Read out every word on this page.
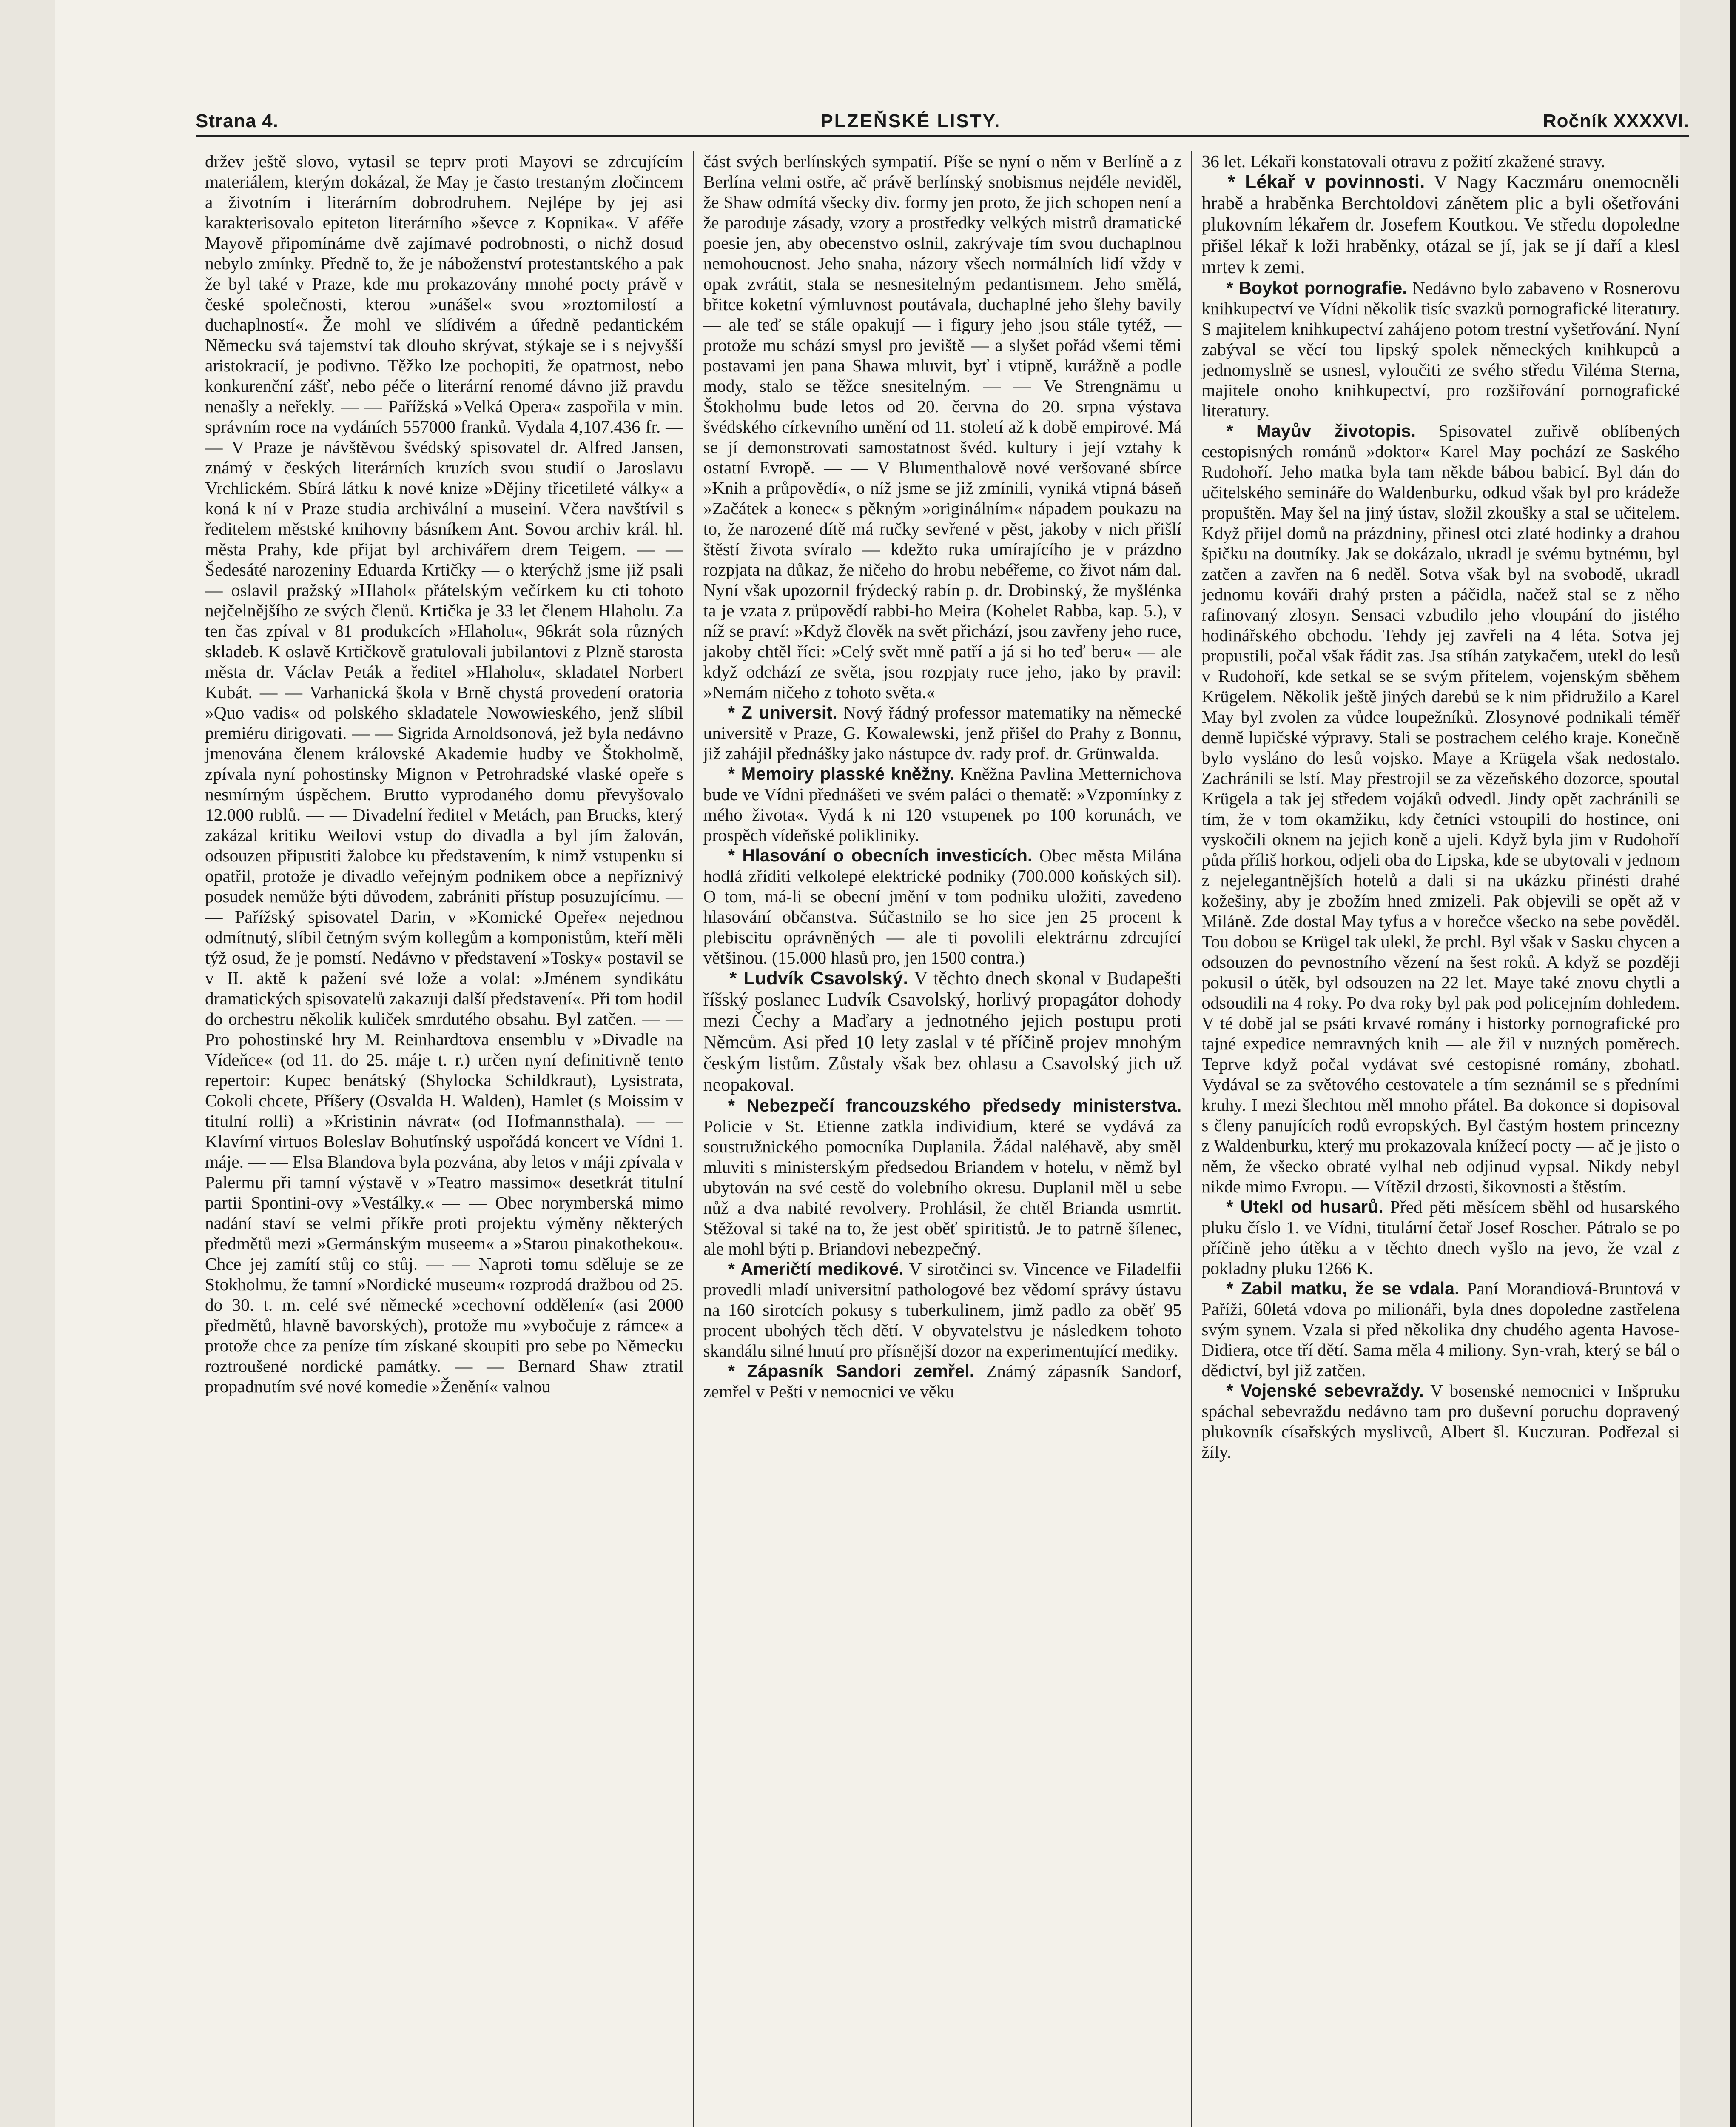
Strana 4.	PLZEŇSKÉ LISTY.	Ročník XXXXVI.

držev ještě slovo, vytasil se teprv proti Mayovi se zdrcujícím materiálem, kterým dokázal, že May je často trestaným zločincem a životním i literárním dobrodruhem. Nejlépe by jej asi karakterisovalo epiteton literárního »ševce z Kopnika«. V aféře Mayově připomínáme dvě zajímavé podrobnosti, o nichž dosud nebylo zmínky. Předně to, že je náboženství protestantského a pak že byl také v Praze, kde mu prokazovány mnohé pocty právě v české společnosti, kterou »unášel« svou »roztomilostí a duchaplností«. Že mohl ve slídivém a úředně pedantickém Německu svá tajemství tak dlouho skrývat, stýkaje se i s nejvyšší aristokracií, je podivno. Těžko lze pochopiti, že opatrnost, nebo konkurenční zášť, nebo péče o literární renomé dávno již pravdu nenašly a neřekly. — — Pařížská »Velká Opera« zaspořila v min. správním roce na vydáních 557000 franků. Vydala 4,107.436 fr. — — V Praze je návštěvou švédský spisovatel dr. Alfred Jansen, známý v českých literárních kruzích svou studií o Jaroslavu Vrchlickém. Sbírá látku k nové knize »Dějiny třicetileté války« a koná k ní v Praze studia archivální a museiní. Včera navštívil s ředitelem městské knihovny básníkem Ant. Sovou archiv král. hl. města Prahy, kde přijat byl archivářem drem Teigem. — — Šedesáté narozeniny Eduarda Krtičky — o kterýchž jsme již psali — oslavil pražský »Hlahol« přátelským večírkem ku cti tohoto nejčelnějšího ze svých členů. Krtička je 33 let členem Hlaholu. Za ten čas zpíval v 81 produkcích »Hlaholu«, 96krát sola různých skladeb. K oslavě Krtičkově gratulovali jubilantovi z Plzně starosta města dr. Václav Peták a ředitel »Hlaholu«, skladatel Norbert Kubát. — — Varhanická škola v Brně chystá provedení oratoria »Quo vadis« od polského skladatele Nowowieského, jenž slíbil premiéru dirigovati. — — Sigrida Arnoldsonová, jež byla nedávno jmenována členem královské Akademie hudby ve Štokholmě, zpívala nyní pohostinsky Mignon v Petrohradské vlaské opeře s nesmírným úspěchem. Brutto vyprodaného domu převyšovalo 12.000 rublů. — — Divadelní ředitel v Metách, pan Brucks, který zakázal kritiku Weilovi vstup do divadla a byl jím žalován, odsouzen připustiti žalobce ku představením, k nimž vstupenku si opatřil, protože je divadlo veřejným podnikem obce a nepříznivý posudek nemůže býti důvodem, zabrániti přístup posuzujícímu. — — Pařížský spisovatel Darin, v »Komické Opeře« nejednou odmítnutý, slíbil četným svým kollegům a komponistům, kteří měli týž osud, že je pomstí. Nedávno v představení »Tosky« postavil se v II. aktě k pažení své lože a volal: »Jménem syndikátu dramatických spisovatelů zakazuji další představení«. Při tom hodil do orchestru několik kuliček smrdutého obsahu. Byl zatčen. — — Pro pohostinské hry M. Reinhardtova ensemblu v »Divadle na Vídeňce« (od 11. do 25. máje t. r.) určen nyní definitivně tento repertoir: Kupec benátský (Shylocka Schildkraut), Lysistrata, Cokoli chcete, Příšery (Osvalda H. Walden), Hamlet (s Moissim v titulní rolli) a »Kristinin návrat« (od Hofmannsthala). — — Klavírní virtuos Boleslav Bohutínský uspořádá koncert ve Vídni 1. máje. — — Elsa Blandova byla pozvána, aby letos v máji zpívala v Palermu při tamní výstavě v »Teatro massimo« desetkrát titulní partii Spontini-ovy »Vestálky.« — — Obec norymberská mimo nadání staví se velmi příkře proti projektu výměny některých předmětů mezi »Germánským museem« a »Starou pinakothekou«. Chce jej zamítí stůj co stůj. — — Naproti tomu sděluje se ze Stokholmu, že tamní »Nordické museum« rozprodá dražbou od 25. do 30. t. m. celé své německé »cechovní oddělení« (asi 2000 předmětů, hlavně bavorských), protože mu »vybočuje z rámce« a protože chce za peníze tím získané skoupiti pro sebe po Německu roztroušené nordické památky. — — Bernard Shaw ztratil propadnutím své nové komedie »Ženění« valnou

část svých berlínských sympatií. Píše se nyní o něm v Berlíně a z Berlína velmi ostře, ač právě berlínský snobismus nejdéle neviděl, že Shaw odmítá všecky div. formy jen proto, že jich schopen není a že paroduje zásady, vzory a prostředky velkých mistrů dramatické poesie jen, aby obecenstvo oslnil, zakrývaje tím svou duchaplnou nemohoucnost. Jeho snaha, názory všech normálních lidí vždy v opak zvrátit, stala se nesnesitelným pedantismem. Jeho smělá, břitce koketní výmluvnost poutávala, duchaplné jeho šlehy bavily — ale teď se stále opakují — i figury jeho jsou stále tytéž, — protože mu schází smysl pro jeviště — a slyšet pořád všemi těmi postavami jen pana Shawa mluvit, byť i vtipně, kurážně a podle mody, stalo se těžce snesitelným. — — Ve Strengnämu u Štokholmu bude letos od 20. června do 20. srpna výstava švédského církevního umění od 11. století až k době empirové. Má se jí demonstrovati samostatnost švéd. kultury i její vztahy k ostatní Evropě. — — V Blumenthalově nové veršované sbírce »Knih a průpovědí«, o níž jsme se již zmínili, vyniká vtipná báseň »Začátek a konec« s pěkným »originálním« nápadem poukazu na to, že narozené dítě má ručky sevřené v pěst, jakoby v nich přišlí štěstí života svíralo — kdežto ruka umírajícího je v prázdno rozpjata na důkaz, že ničeho do hrobu nebéřeme, co život nám dal. Nyní však upozornil frýdecký rabín p. dr. Drobinský, že myšlénka ta je vzata z průpovědí rabbi-ho Meira (Kohelet Rabba, kap. 5.), v níž se praví: »Když člověk na svět přichází, jsou zavřeny jeho ruce, jakoby chtěl říci: »Celý svět mně patří a já si ho teď beru« — ale když odchází ze světa, jsou rozpjaty ruce jeho, jako by pravil: »Nemám ničeho z tohoto světa.«

* Z universit. Nový řádný professor matematiky na německé universitě v Praze, G. Kowalewski, jenž přišel do Prahy z Bonnu, již zahájil přednášky jako nástupce dv. rady prof. dr. Grünwalda.

* Memoiry plasské kněžny. Kněžna Pavlina Metternichova bude ve Vídni přednášeti ve svém paláci o thematě: »Vzpomínky z mého života«. Vydá k ni 120 vstupenek po 100 korunách, ve prospěch vídeňské polikliniky.

* Hlasování o obecních investicích. Obec města Milána hodlá zříditi velkolepé elektrické podniky (700.000 koňských sil). O tom, má-li se obecní jmění v tom podniku uložiti, zavedeno hlasování občanstva. Súčastnilo se ho sice jen 25 procent k plebiscitu oprávněných — ale ti povolili elektrárnu zdrcující většinou. (15.000 hlasů pro, jen 1500 contra.)

* Ludvík Csavolský. V těchto dnech skonal v Budapešti říšský poslanec Ludvík Csavolský, horlivý propagátor dohody mezi Čechy a Maďary a jednotného jejich postupu proti Němcům. Asi před 10 lety zaslal v té příčině projev mnohým českým listům. Zůstaly však bez ohlasu a Csavolský jich už neopakoval.

* Nebezpečí francouzského předsedy ministerstva. Policie v St. Etienne zatkla individium, které se vydává za soustružnického pomocníka Duplanila. Žádal naléhavě, aby směl mluviti s ministerským předsedou Briandem v hotelu, v němž byl ubytován na své cestě do volebního okresu. Duplanil měl u sebe nůž a dva nabité revolvery. Prohlásil, že chtěl Brianda usmrtit. Stěžoval si také na to, že jest oběť spiritistů. Je to patrně šílenec, ale mohl býti p. Briandovi nebezpečný.

* Američtí medikové. V sirotčinci sv. Vincence ve Filadelfii provedli mladí universitní pathologové bez vědomí správy ústavu na 160 sirotcích pokusy s tuberkulinem, jimž padlo za oběť 95 procent ubohých těch dětí. V obyvatelstvu je následkem tohoto skandálu silné hnutí pro přísnější dozor na experimentující mediky.

* Zápasník Sandori zemřel. Známý zápasník Sandorf, zemřel v Pešti v nemocnici ve věku

36 let. Lékaři konstatovali otravu z požití zkažené stravy.

* Lékař v povinnosti. V Nagy Kaczmáru onemocněli hrabě a hraběnka Berchtoldovi zánětem plic a byli ošetřováni plukovním lékařem dr. Josefem Koutkou. Ve středu dopoledne přišel lékař k loži hraběnky, otázal se jí, jak se jí daří a klesl mrtev k zemi.

* Boykot pornografie. Nedávno bylo zabaveno v Rosnerovu knihkupectví ve Vídni několik tisíc svazků pornografické literatury. S majitelem knihkupectví zahájeno potom trestní vyšetřování. Nyní zabýval se věcí tou lipský spolek německých knihkupců a jednomyslně se usnesl, vyloučiti ze svého středu Viléma Sterna, majitele onoho knihkupectví, pro rozšiřování pornografické literatury.

* Mayův životopis. Spisovatel zuřivě oblíbených cestopisných románů »doktor« Karel May pochází ze Saského Rudohoří. Jeho matka byla tam někde bábou babicí. Byl dán do učitelského semináře do Waldenburku, odkud však byl pro krádeže propuštěn. May šel na jiný ústav, složil zkoušky a stal se učitelem. Když přijel domů na prázdniny, přinesl otci zlaté hodinky a drahou špičku na doutníky. Jak se dokázalo, ukradl je svému bytnému, byl zatčen a zavřen na 6 neděl. Sotva však byl na svobodě, ukradl jednomu kováři drahý prsten a páčidla, načež stal se z něho rafinovaný zlosyn. Sensaci vzbudilo jeho vloupání do jistého hodinářského obchodu. Tehdy jej zavřeli na 4 léta. Sotva jej propustili, počal však řádit zas. Jsa stíhán zatykačem, utekl do lesů v Rudohoří, kde setkal se se svým přítelem, vojenským sběhem Krügelem. Několik ještě jiných darebů se k nim přidružilo a Karel May byl zvolen za vůdce loupežníků. Zlosynové podnikali téměř denně lupičské výpravy. Stali se postrachem celého kraje. Konečně bylo vysláno do lesů vojsko. Maye a Krügela však nedostalo. Zachránili se lstí. May přestrojil se za vězeňského dozorce, spoutal Krügela a tak jej středem vojáků odvedl. Jindy opět zachránili se tím, že v tom okamžiku, kdy četníci vstoupili do hostince, oni vyskočili oknem na jejich koně a ujeli. Když byla jim v Rudohoří půda příliš horkou, odjeli oba do Lipska, kde se ubytovali v jednom z nejelegantnějších hotelů a dali si na ukázku přinésti drahé kožešiny, aby je zbožím hned zmizeli. Pak objevili se opět až v Miláně. Zde dostal May tyfus a v horečce všecko na sebe pověděl. Tou dobou se Krügel tak ulekl, že prchl. Byl však v Sasku chycen a odsouzen do pevnostního vězení na šest roků. A když se později pokusil o útěk, byl odsouzen na 22 let. Maye také znovu chytli a odsoudili na 4 roky. Po dva roky byl pak pod policejním dohledem. V té době jal se psáti krvavé romány i historky pornografické pro tajné expedice nemravných knih — ale žil v nuzných poměrech. Teprve když počal vydávat své cestopisné romány, zbohatl. Vydával se za světového cestovatele a tím seznámil se s předními kruhy. I mezi šlechtou měl mnoho přátel. Ba dokonce si dopisoval s členy panujících rodů evropských. Byl častým hostem princezny z Waldenburku, který mu prokazovala knížecí pocty — ač je jisto o něm, že všecko obraté vylhal neb odjinud vypsal. Nikdy nebyl nikde mimo Evropu. — Vítězil drzosti, šikovnosti a štěstím.

* Utekl od husarů. Před pěti měsícem sběhl od husarského pluku číslo 1. ve Vídni, titulární četař Josef Roscher. Pátralo se po příčině jeho útěku a v těchto dnech vyšlo na jevo, že vzal z pokladny pluku 1266 K.

* Zabil matku, že se vdala. Paní Morandiová-Bruntová v Paříži, 60letá vdova po milionáři, byla dnes dopoledne zastřelena svým synem. Vzala si před několika dny chudého agenta Havose-Didiera, otce tří dětí. Sama měla 4 miliony. Syn-vrah, který se bál o dědictví, byl již zatčen.

* Vojenské sebevraždy. V bosenské nemocnici v Inšpruku spáchal sebevraždu nedávno tam pro duševní poruchu dopravený plukovník císařských myslivců, Albert šl. Kuczuran. Podřezal si žíly.
